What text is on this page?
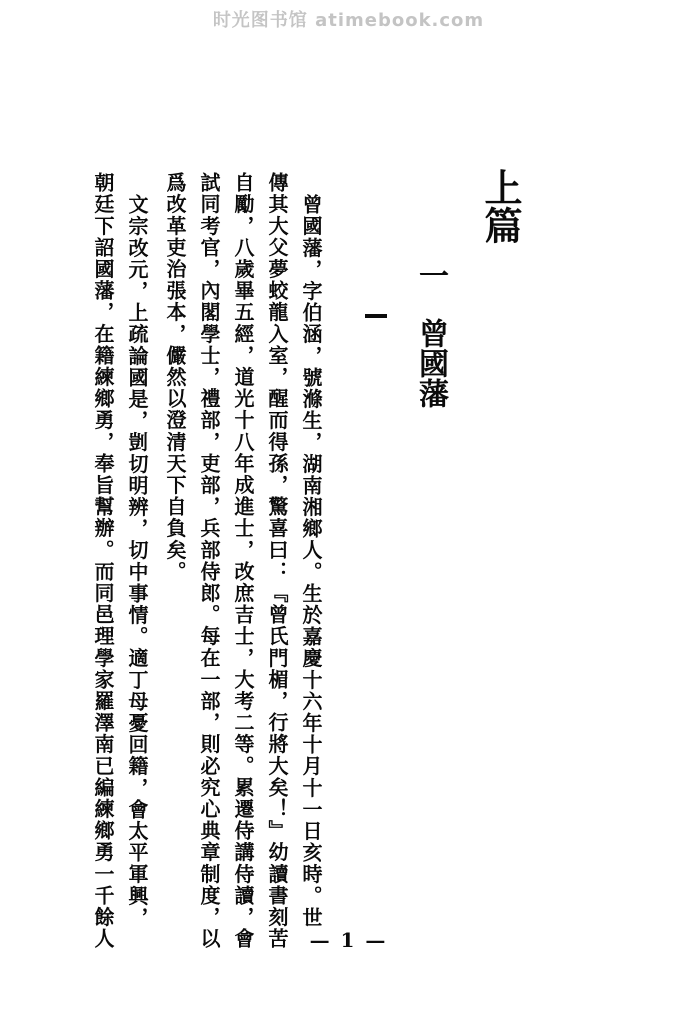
时光图书馆 atimebook.com
上篇
一
曾國藩
曾國藩，字伯涵，號滌生，湖南湘鄉人。生於嘉慶十六年十月十一日亥時。世
傳其大父夢蛟龍入室，醒而得孫，驚喜曰：『曾氏門楣，行將大矣！』幼讀書刻苦
自勵，八歲畢五經，道光十八年成進士，改庶吉士，大考二等。累遷侍講侍讀，會
試同考官，內閣學士，禮部，吏部，兵部侍郎。每在一部，則必究心典章制度，以
爲改革吏治張本，儼然以澄清天下自負矣。
文宗改元，上疏論國是，剴切明辨，切中事情。適丁母憂回籍，會太平軍興，
朝廷下詔國藩，在籍練鄉勇，奉旨幫辦。而同邑理學家羅澤南已編練鄉勇一千餘人	— 1 —
